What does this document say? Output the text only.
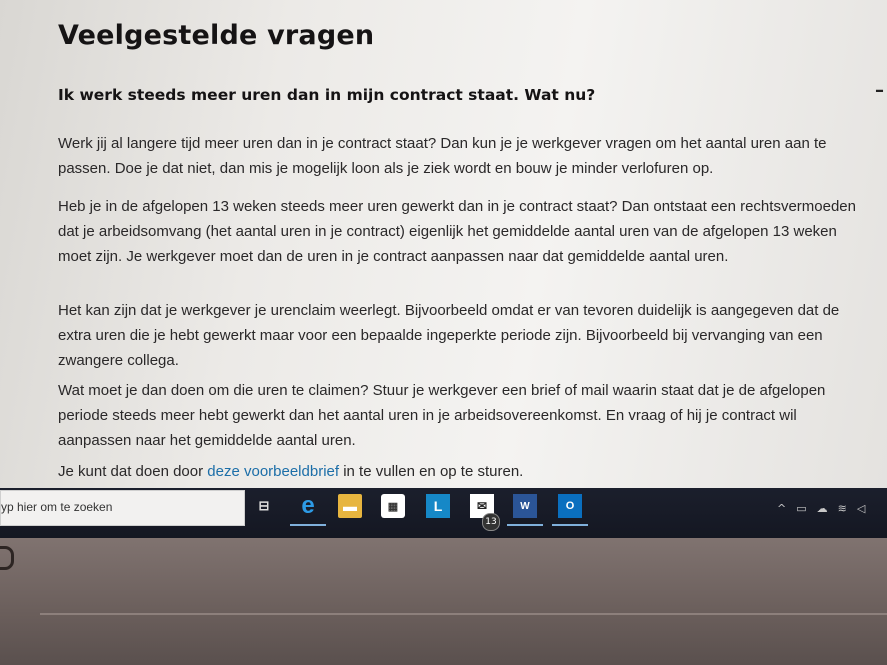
Veelgestelde vragen
Ik werk steeds meer uren dan in mijn contract staat. Wat nu?	–

Werk jij al langere tijd meer uren dan in je contract staat? Dan kun je je werkgever vragen om het aantal uren aan te passen. Doe je dat niet, dan mis je mogelijk loon als je ziek wordt en bouw je minder verlofuren op.

Heb je in de afgelopen 13 weken steeds meer uren gewerkt dan in je contract staat? Dan ontstaat een rechtsvermoeden dat je arbeidsomvang (het aantal uren in je contract) eigenlijk het gemiddelde aantal uren van de afgelopen 13 weken moet zijn. Je werkgever moet dan de uren in je contract aanpassen naar dat gemiddelde aantal uren.

Het kan zijn dat je werkgever je urenclaim weerlegt. Bijvoorbeeld omdat er van tevoren duidelijk is aangegeven dat de extra uren die je hebt gewerkt maar voor een bepaalde ingeperkte periode zijn. Bijvoorbeeld bij vervanging van een zwangere collega.

Wat moet je dan doen om die uren te claimen? Stuur je werkgever een brief of mail waarin staat dat je de afgelopen periode steeds meer hebt gewerkt dan het aantal uren in je arbeidsovereenkomst. En vraag of hij je contract wil aanpassen naar het gemiddelde aantal uren.

Je kunt dat doen door deze voorbeeldbrief in te vullen en op te sturen.

yp hier om te zoeken	⊟ e	▬	▦	L	✉
13
W	O	^ ▭ ☁ ≋ ◁
